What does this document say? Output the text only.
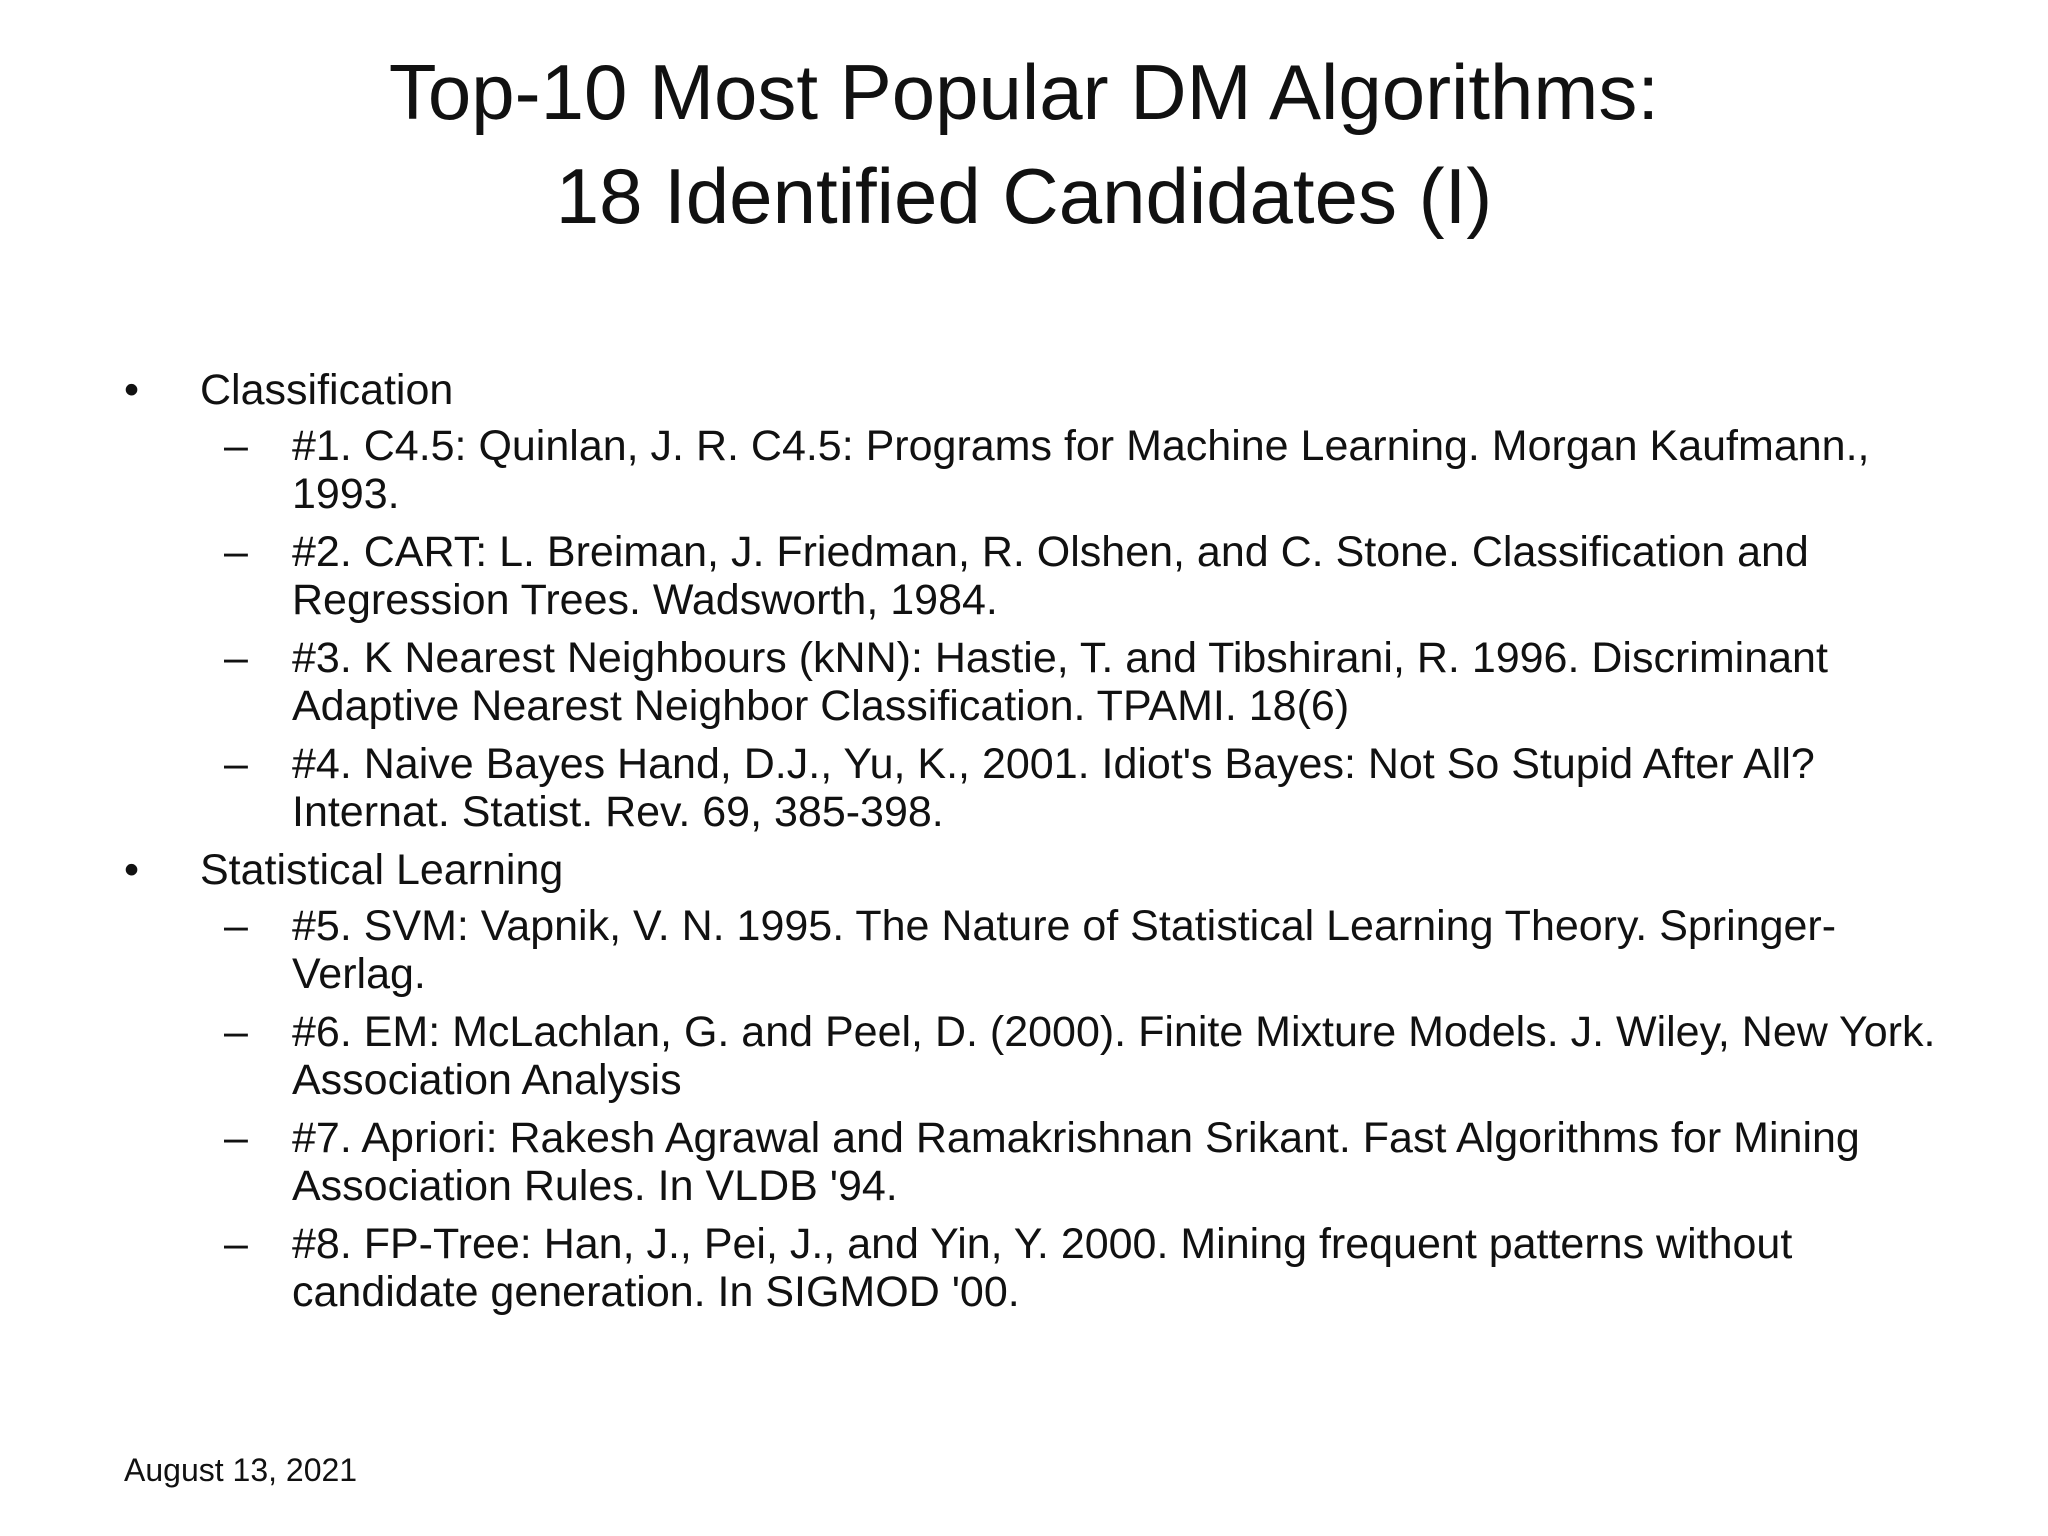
Top-10 Most Popular DM Algorithms:
18 Identified Candidates (I)
•	Classification
–	#1. C4.5: Quinlan, J. R. C4.5: Programs for Machine Learning. Morgan Kaufmann., 1993.
–	#2. CART: L. Breiman, J. Friedman, R. Olshen, and C. Stone. Classification and Regression Trees. Wadsworth, 1984.
–	#3. K Nearest Neighbours (kNN): Hastie, T. and Tibshirani, R. 1996. Discriminant Adaptive Nearest Neighbor Classification. TPAMI. 18(6)
–	#4. Naive Bayes Hand, D.J., Yu, K., 2001. Idiot's Bayes: Not So Stupid After All? Internat. Statist. Rev. 69, 385-398.
•	Statistical Learning
–	#5. SVM: Vapnik, V. N. 1995. The Nature of Statistical Learning Theory. Springer-Verlag.
–	#6. EM: McLachlan, G. and Peel, D. (2000). Finite Mixture Models. J. Wiley, New York. Association Analysis
–	#7. Apriori: Rakesh Agrawal and Ramakrishnan Srikant. Fast Algorithms for Mining Association Rules. In VLDB '94.
–	#8. FP-Tree: Han, J., Pei, J., and Yin, Y. 2000. Mining frequent patterns without candidate generation. In SIGMOD '00.
August 13, 2021
